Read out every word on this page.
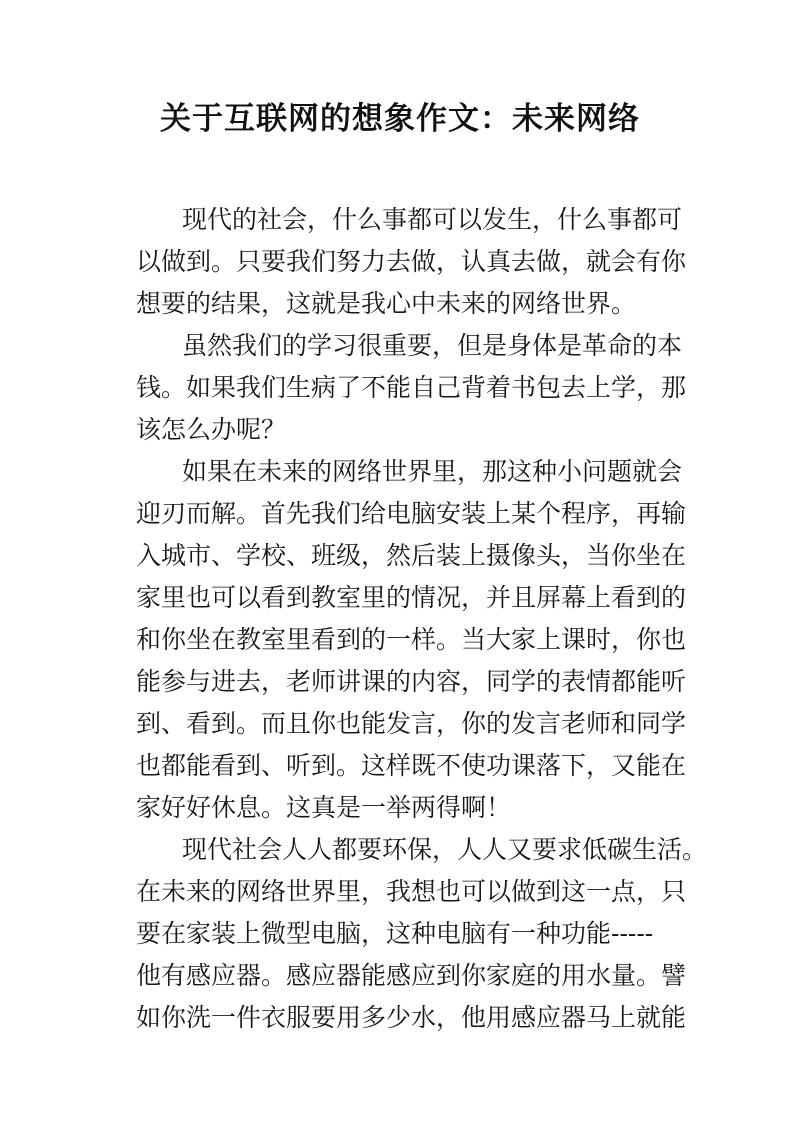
关于互联网的想象作文：未来网络

现代的社会，什么事都可以发生，什么事都可

以做到。只要我们努力去做，认真去做，就会有你

想要的结果，这就是我心中未来的网络世界。

虽然我们的学习很重要，但是身体是革命的本

钱。如果我们生病了不能自己背着书包去上学，那

该怎么办呢？

如果在未来的网络世界里，那这种小问题就会

迎刃而解。首先我们给电脑安装上某个程序，再输

入城市、学校、班级，然后装上摄像头，当你坐在

家里也可以看到教室里的情况，并且屏幕上看到的

和你坐在教室里看到的一样。当大家上课时，你也

能参与进去，老师讲课的内容，同学的表情都能听

到、看到。而且你也能发言，你的发言老师和同学

也都能看到、听到。这样既不使功课落下，又能在

家好好休息。这真是一举两得啊！

现代社会人人都要环保，人人又要求低碳生活。

在未来的网络世界里，我想也可以做到这一点，只

要在家装上微型电脑，这种电脑有一种功能-----

他有感应器。感应器能感应到你家庭的用水量。譬

如你洗一件衣服要用多少水，他用感应器马上就能
